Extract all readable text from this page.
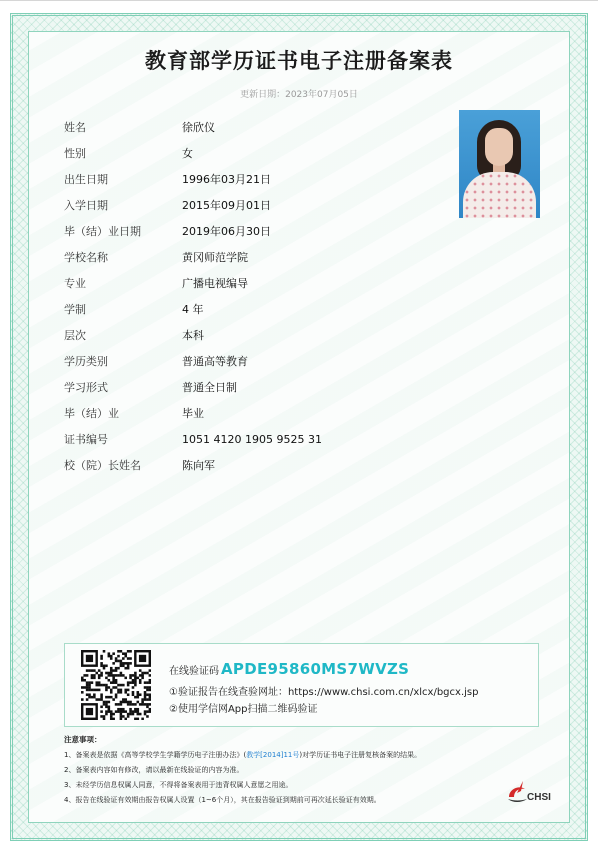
教育部学历证书电子注册备案表
更新日期：2023年07月05日
姓名	徐欣仪
性别	女
出生日期	1996年03月21日
入学日期	2015年09月01日
毕（结）业日期	2019年06月30日
学校名称	黄冈师范学院
专业	广播电视编导
学制	4 年
层次	本科
学历类别	普通高等教育
学习形式	普通全日制
毕（结）业	毕业
证书编号	1051 4120 1905 9525 31
校（院）长姓名	陈向军
在线验证码 APDE95860MS7WVZS
①验证报告在线查验网址：https://www.chsi.com.cn/xlcx/bgcx.jsp
②使用学信网App扫描二维码验证
注意事项：
1、备案表是依据《高等学校学生学籍学历电子注册办法》(教学[2014]11号)对学历证书电子注册复核备案的结果。
2、备案表内容如有修改，请以最新在线验证的内容为准。
3、未经学历信息权属人同意，不得将备案表用于违背权属人意愿之用途。
4、报告在线验证有效期由报告权属人设置（1~6个月），其在报告验证到期前可再次延长验证有效期。	CHSI
